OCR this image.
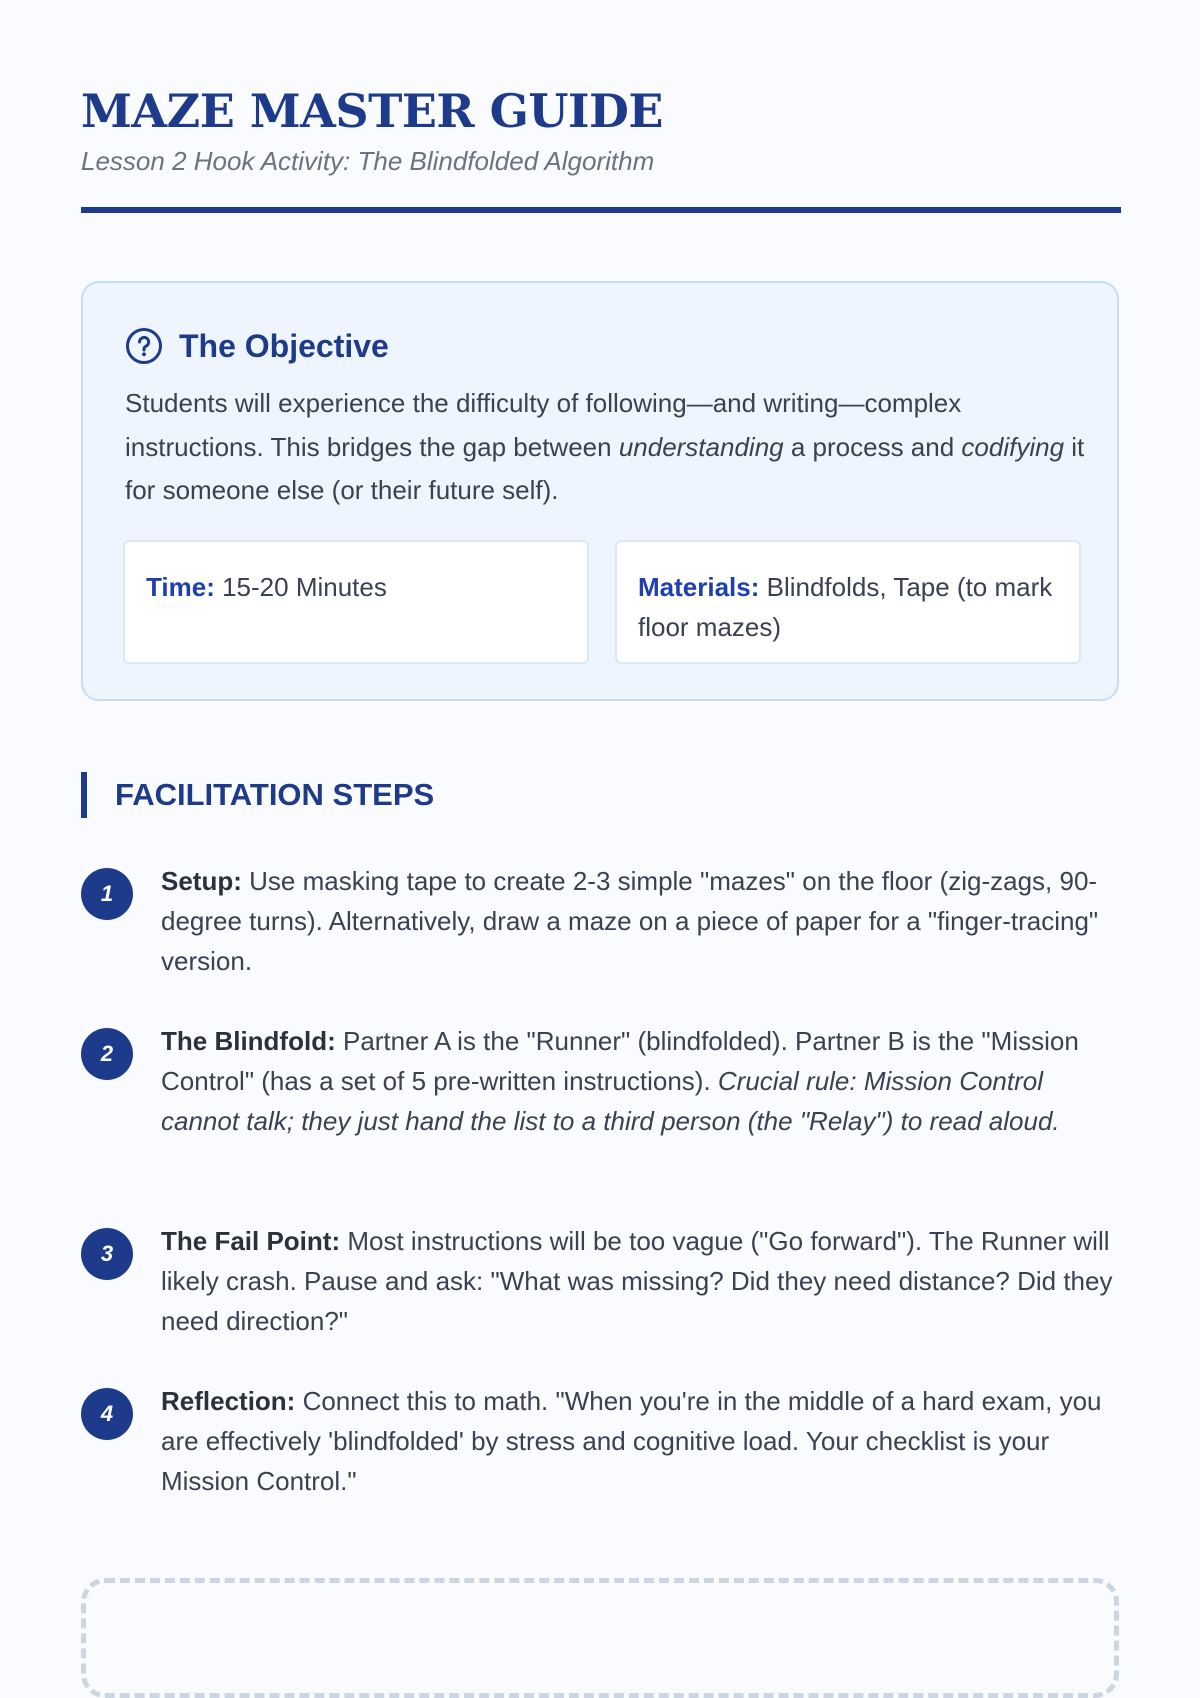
MAZE MASTER GUIDE
Lesson 2 Hook Activity: The Blindfolded Algorithm
The Objective

Students will experience the difficulty of following—and writing—complex instructions. This bridges the gap between understanding a process and codifying it for someone else (or their future self).

Time: 15-20 Minutes	Materials: Blindfolds, Tape (to mark floor mazes)
FACILITATION STEPS
1	Setup: Use masking tape to create 2-3 simple "mazes" on the floor (zig-zags, 90-degree turns). Alternatively, draw a maze on a piece of paper for a "finger-tracing" version.
2	The Blindfold: Partner A is the "Runner" (blindfolded). Partner B is the "Mission Control" (has a set of 5 pre-written instructions). Crucial rule: Mission Control cannot talk; they just hand the list to a third person (the "Relay") to read aloud.
3	The Fail Point: Most instructions will be too vague ("Go forward"). The Runner will likely crash. Pause and ask: "What was missing? Did they need distance? Did they need direction?"
4	Reflection: Connect this to math. "When you're in the middle of a hard exam, you are effectively 'blindfolded' by stress and cognitive load. Your checklist is your Mission Control."
